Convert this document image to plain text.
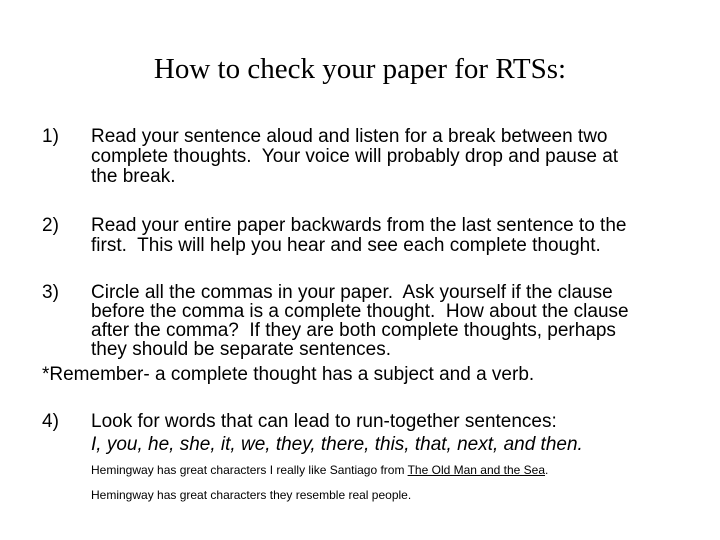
How to check your paper for RTSs:
1) Read your sentence aloud and listen for a break between two
complete thoughts.  Your voice will probably drop and pause at
the break.
2) Read your entire paper backwards from the last sentence to the
first.  This will help you hear and see each complete thought.
3) Circle all the commas in your paper.  Ask yourself if the clause
before the comma is a complete thought.  How about the clause
after the comma?  If they are both complete thoughts, perhaps
they should be separate sentences.
*Remember- a complete thought has a subject and a verb.
4) Look for words that can lead to run-together sentences:
I, you, he, she, it, we, they, there, this, that, next, and then.
Hemingway has great characters I really like Santiago from The Old Man and the Sea.
Hemingway has great characters they resemble real people.
